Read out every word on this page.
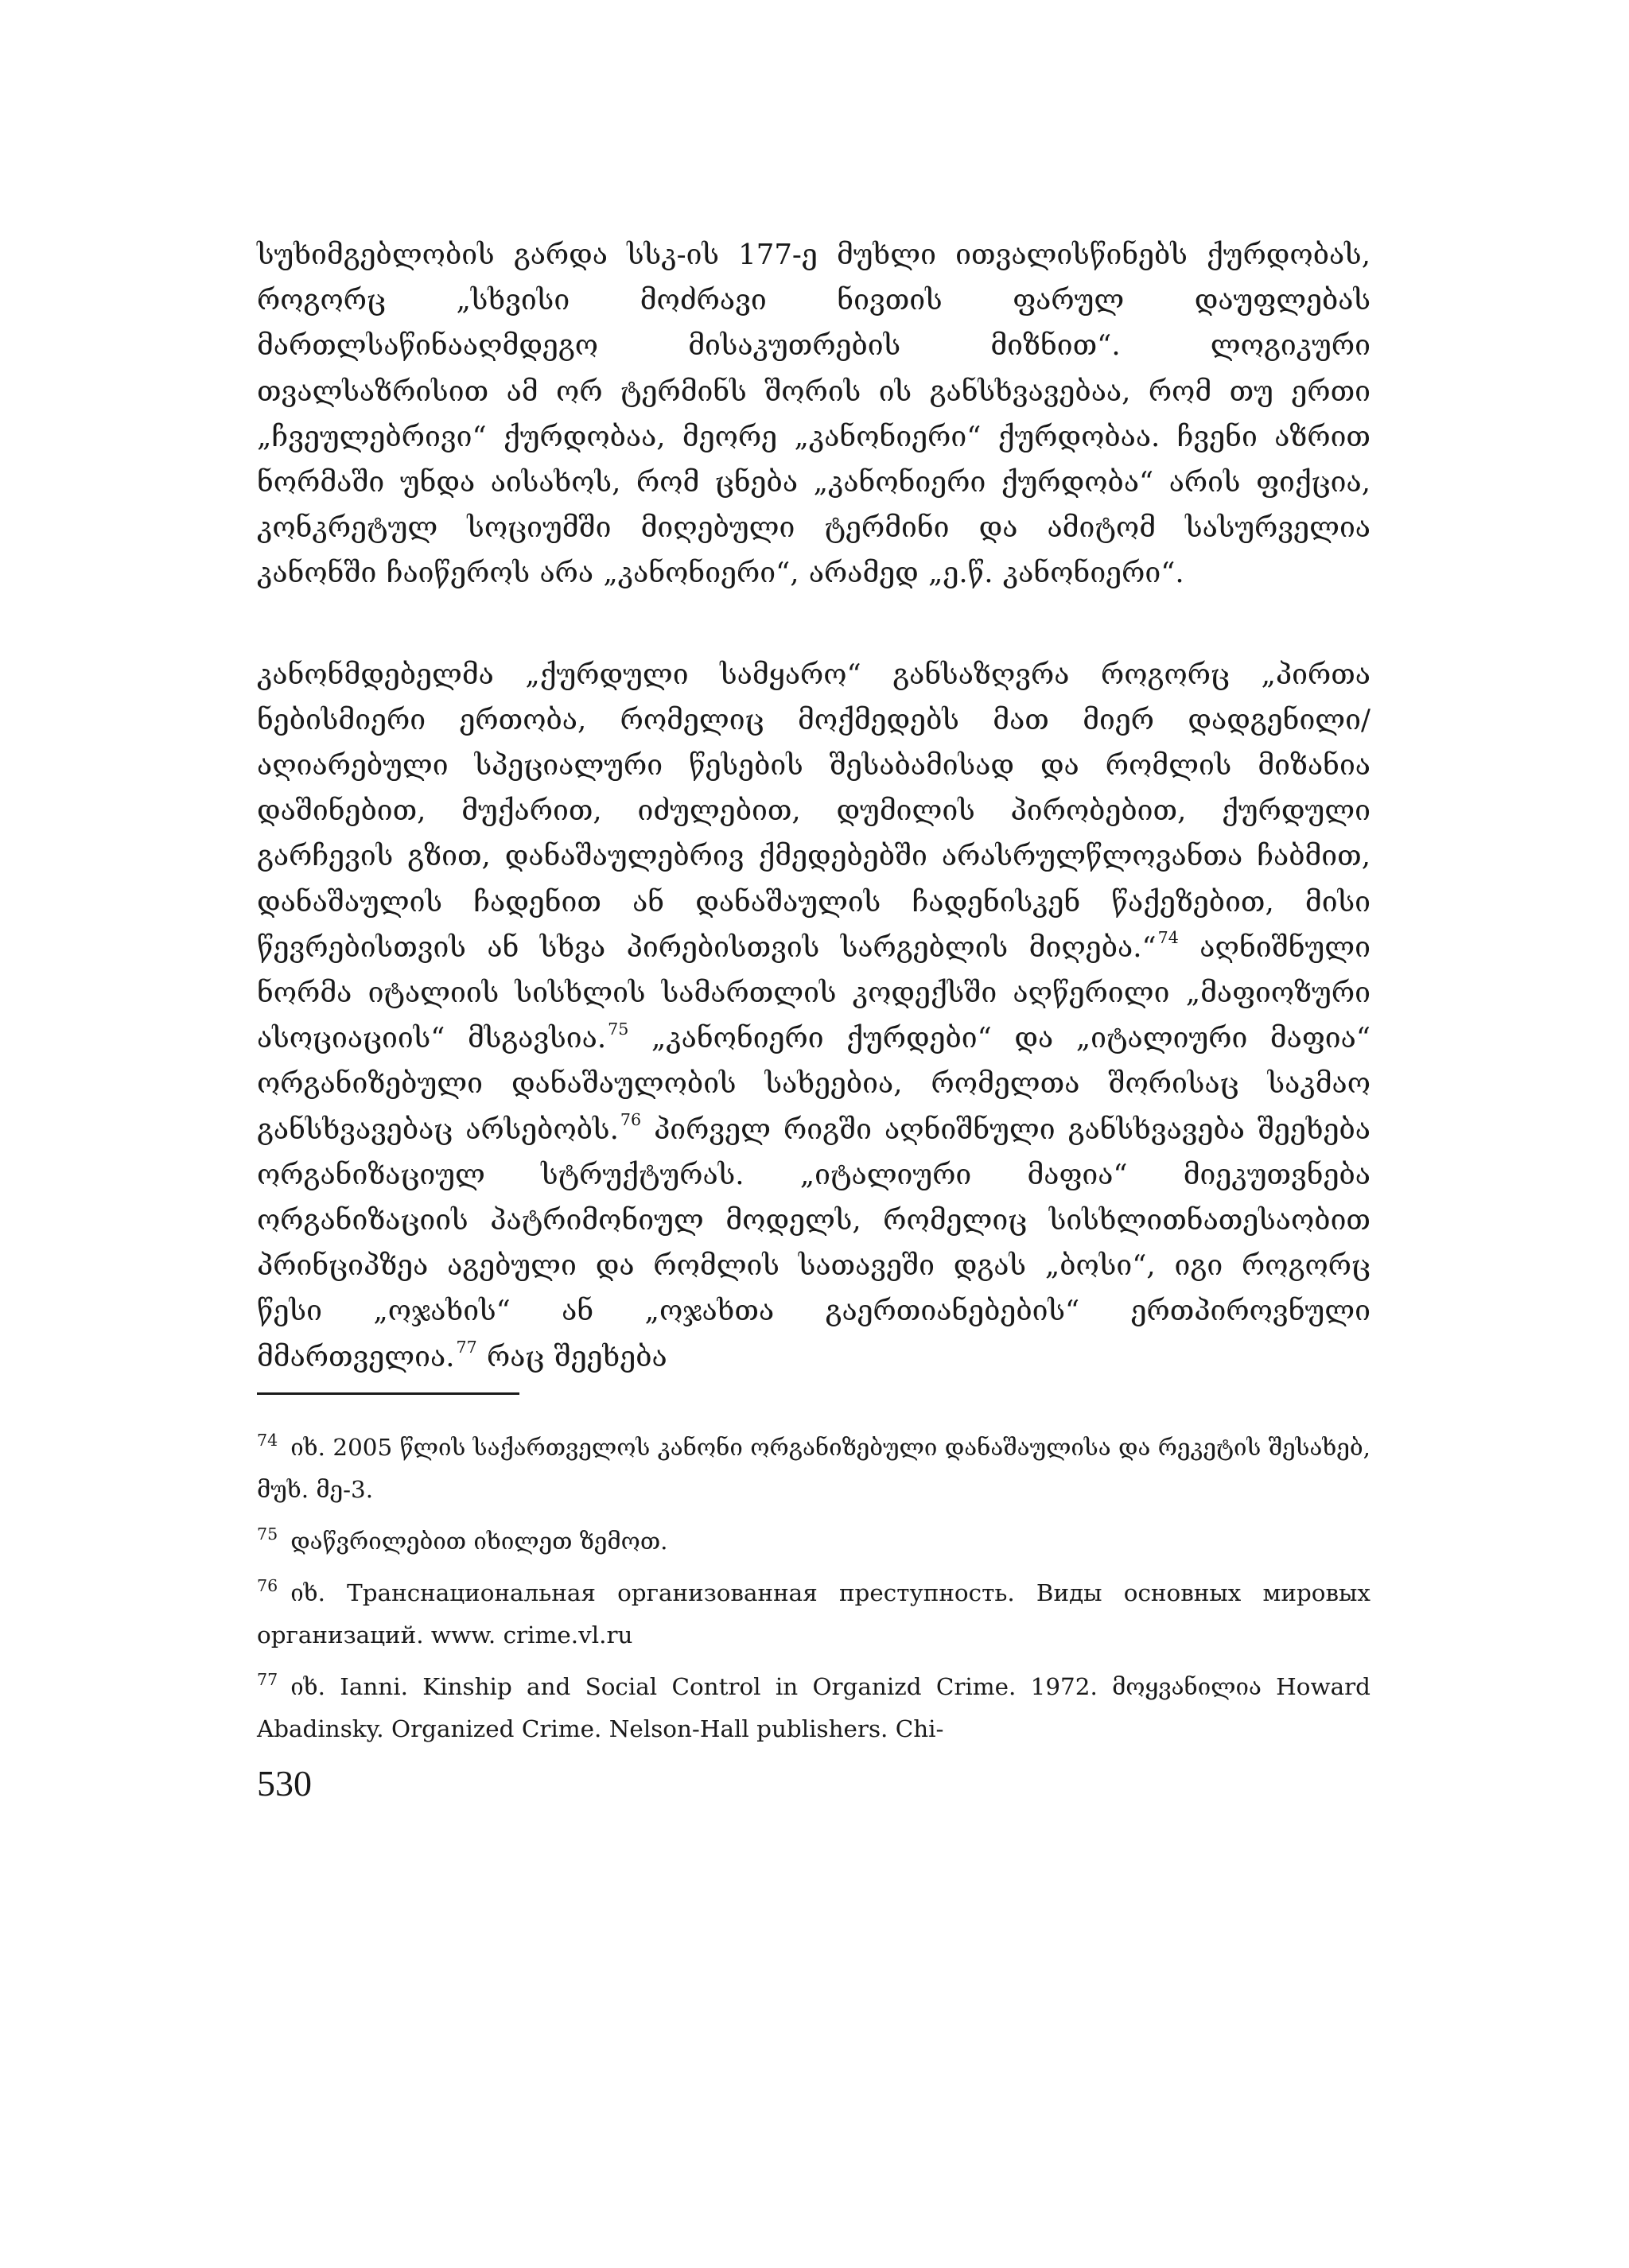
სუხიმგებლობის გარდა სსკ-ის 177-ე მუხლი ითვალისწინებს ქურდობას, როგორც „სხვისი მოძრავი ნივთის ფარულ დაუფლებას მართლსაწინააღმდეგო მისაკუთრების მიზნით“. ლოგიკური თვალსაზრისით ამ ორ ტერმინს შორის ის განსხვავებაა, რომ თუ ერთი „ჩვეულებრივი“ ქურდობაა, მეორე „კანონიერი“ ქურდობაა. ჩვენი აზრით ნორმაში უნდა აისახოს, რომ ცნება „კანონიერი ქურდობა“ არის ფიქცია, კონკრეტულ სოციუმში მიღებული ტერმინი და ამიტომ სასურველია კანონში ჩაიწეროს არა „კანონიერი“, არამედ „ე.წ. კანონიერი“.

კანონმდებელმა „ქურდული სამყარო“ განსაზღვრა როგორც „პირთა ნებისმიერი ერთობა, რომელიც მოქმედებს მათ მიერ დადგენილი/აღიარებული სპეციალური წესების შესაბამისად და რომლის მიზანია დაშინებით, მუქარით, იძულებით, დუმილის პირობებით, ქურდული გარჩევის გზით, დანაშაულებრივ ქმედებებში არასრულწლოვანთა ჩაბმით, დანაშაულის ჩადენით ან დანაშაულის ჩადენისკენ წაქეზებით, მისი წევრებისთვის ან სხვა პირებისთვის სარგებლის მიღება.“$^{74}$ აღნიშნული ნორმა იტალიის სისხლის სამართლის კოდექსში აღწერილი „მაფიოზური ასოციაციის“ მსგავსია.$^{75}$ „კანონიერი ქურდები“ და „იტალიური მაფია“ ორგანიზებული დანაშაულობის სახეებია, რომელთა შორისაც საკმაო განსხვავებაც არსებობს.$^{76}$ პირველ რიგში აღნიშნული განსხვავება შეეხება ორგანიზაციულ სტრუქტურას. „იტალიური მაფია“ მიეკუთვნება ორგანიზაციის პატრიმონიულ მოდელს, რომელიც სისხლითნათესაობით პრინციპზეა აგებული და რომლის სათავეში დგას „ბოსი“, იგი როგორც წესი „ოჯახის“ ან „ოჯახთა გაერთიანებების“ ერთპიროვნული მმართველია.$^{77}$ რაც შეეხება

$^{74}$ იხ. 2005 წლის საქართველოს კანონი ორგანიზებული დანაშაულისა და რეკეტის შესახებ, მუხ. მე-3.

$^{75}$ დაწვრილებით იხილეთ ზემოთ.

$^{76}$ იხ. Транснациональная организованная преступность. Виды основных мировых организаций. www. crime.vl.ru

$^{77}$ იხ. Ianni. Kinship and Social Control in Organizd Crime. 1972. მოყვანილია Howard Abadinsky. Organized Crime. Nelson-Hall publishers. Chi-

530
